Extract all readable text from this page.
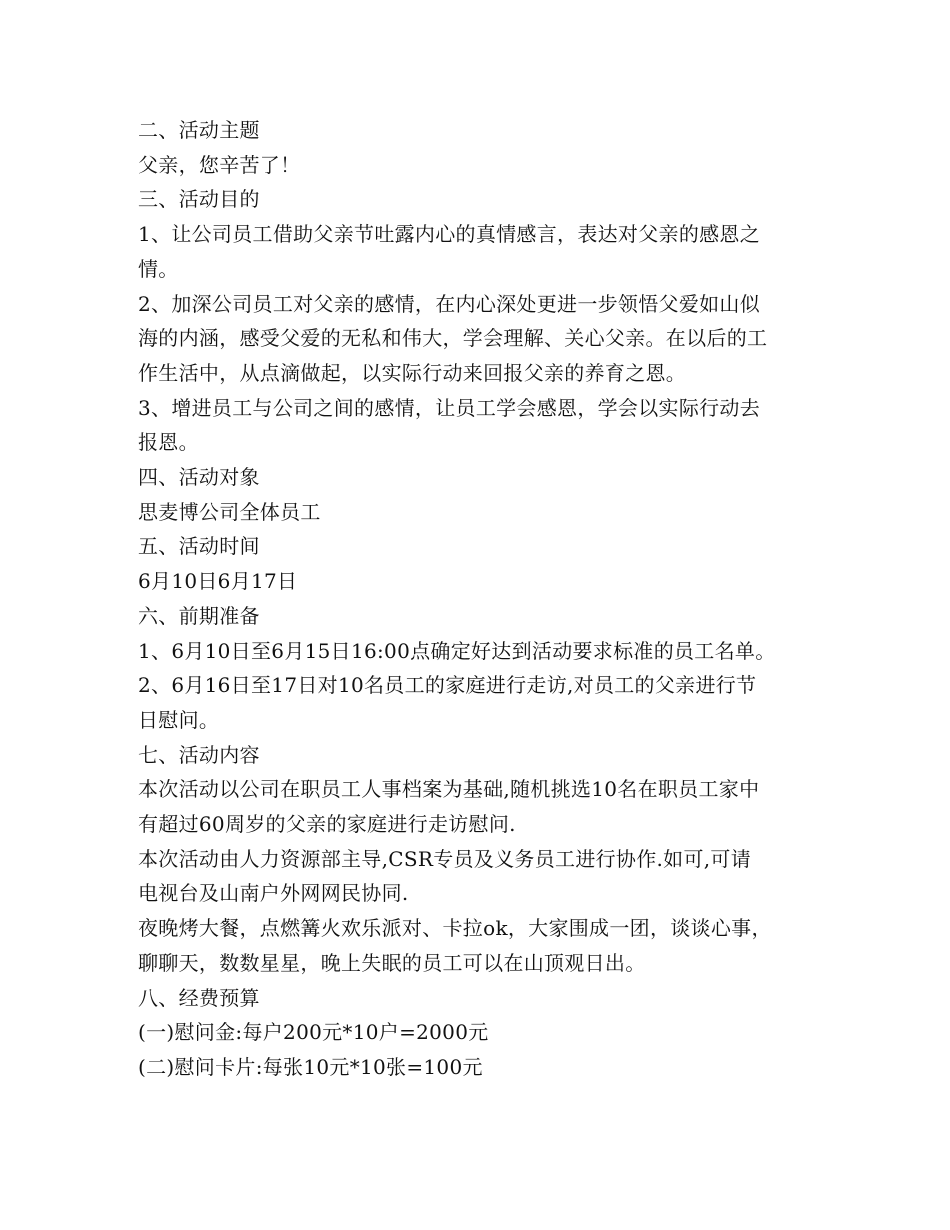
二、活动主题
父亲，您辛苦了！
三、活动目的
1、让公司员工借助父亲节吐露内心的真情感言，表达对父亲的感恩之
情。
2、加深公司员工对父亲的感情，在内心深处更进一步领悟父爱如山似
海的内涵，感受父爱的无私和伟大，学会理解、关心父亲。在以后的工
作生活中，从点滴做起，以实际行动来回报父亲的养育之恩。
3、增进员工与公司之间的感情，让员工学会感恩，学会以实际行动去
报恩。
四、活动对象
思麦博公司全体员工
五、活动时间
6月10日6月17日
六、前期准备
1、6月10日至6月15日16:00点确定好达到活动要求标准的员工名单。
2、6月16日至17日对10名员工的家庭进行走访,对员工的父亲进行节
日慰问。
七、活动内容
本次活动以公司在职员工人事档案为基础,随机挑选10名在职员工家中
有超过60周岁的父亲的家庭进行走访慰问.
本次活动由人力资源部主导,CSR专员及义务员工进行协作.如可,可请
电视台及山南户外网网民协同.
夜晚烤大餐，点燃篝火欢乐派对、卡拉ok，大家围成一团，谈谈心事，
聊聊天，数数星星，晚上失眠的员工可以在山顶观日出。
八、经费预算
(一)慰问金:每户200元*10户=2000元
(二)慰问卡片:每张10元*10张=100元
